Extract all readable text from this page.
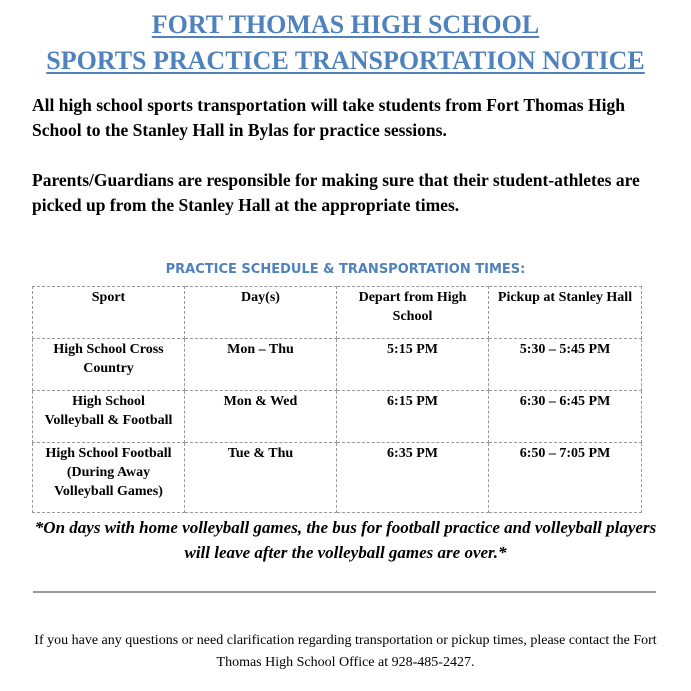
FORT THOMAS HIGH SCHOOL
SPORTS PRACTICE TRANSPORTATION NOTICE

All high school sports transportation will take students from Fort Thomas High School to the Stanley Hall in Bylas for practice sessions.

Parents/Guardians are responsible for making sure that their student-athletes are picked up from the Stanley Hall at the appropriate times.

PRACTICE SCHEDULE & TRANSPORTATION TIMES:
Sport	Day(s)	Depart from High School	Pickup at Stanley Hall
High School Cross Country	Mon – Thu	5:15 PM	5:30 – 5:45 PM
High School Volleyball & Football	Mon & Wed	6:15 PM	6:30 – 6:45 PM
High School Football (During Away Volleyball Games)	Tue & Thu	6:35 PM	6:50 – 7:05 PM

*On days with home volleyball games, the bus for football practice and volleyball players will leave after the volleyball games are over.*

If you have any questions or need clarification regarding transportation or pickup times, please contact the Fort Thomas High School Office at 928-485-2427.
